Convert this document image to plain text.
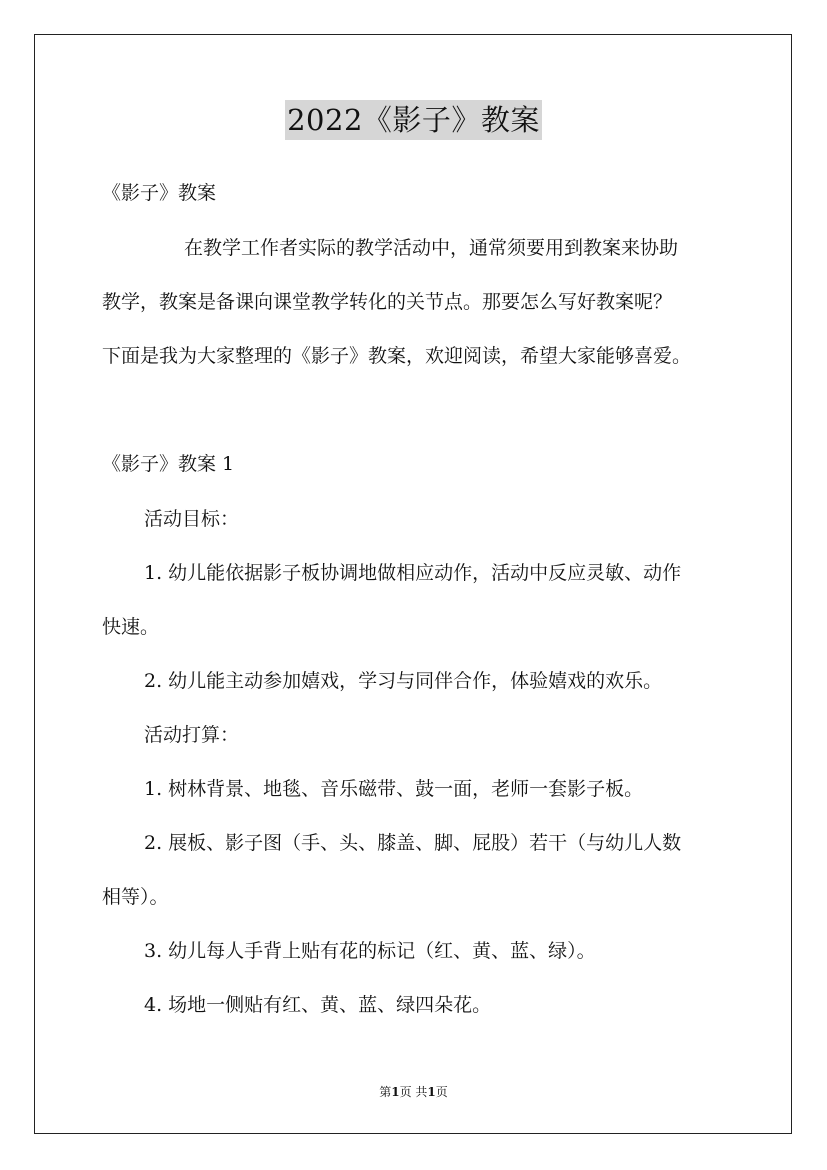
2022《影子》教案
《影子》教案
在教学工作者实际的教学活动中，通常须要用到教案来协助
教学，教案是备课向课堂教学转化的关节点。那要怎么写好教案呢？
下面是我为大家整理的《影子》教案，欢迎阅读，希望大家能够喜爱。
《影子》教案 1
活动目标：
1. 幼儿能依据影子板协调地做相应动作，活动中反应灵敏、动作
快速。
2. 幼儿能主动参加嬉戏，学习与同伴合作，体验嬉戏的欢乐。
活动打算：
1. 树林背景、地毯、音乐磁带、鼓一面，老师一套影子板。
2. 展板、影子图（手、头、膝盖、脚、屁股）若干（与幼儿人数
相等）。
3. 幼儿每人手背上贴有花的标记（红、黄、蓝、绿）。
4. 场地一侧贴有红、黄、蓝、绿四朵花。
第1页 共1页
